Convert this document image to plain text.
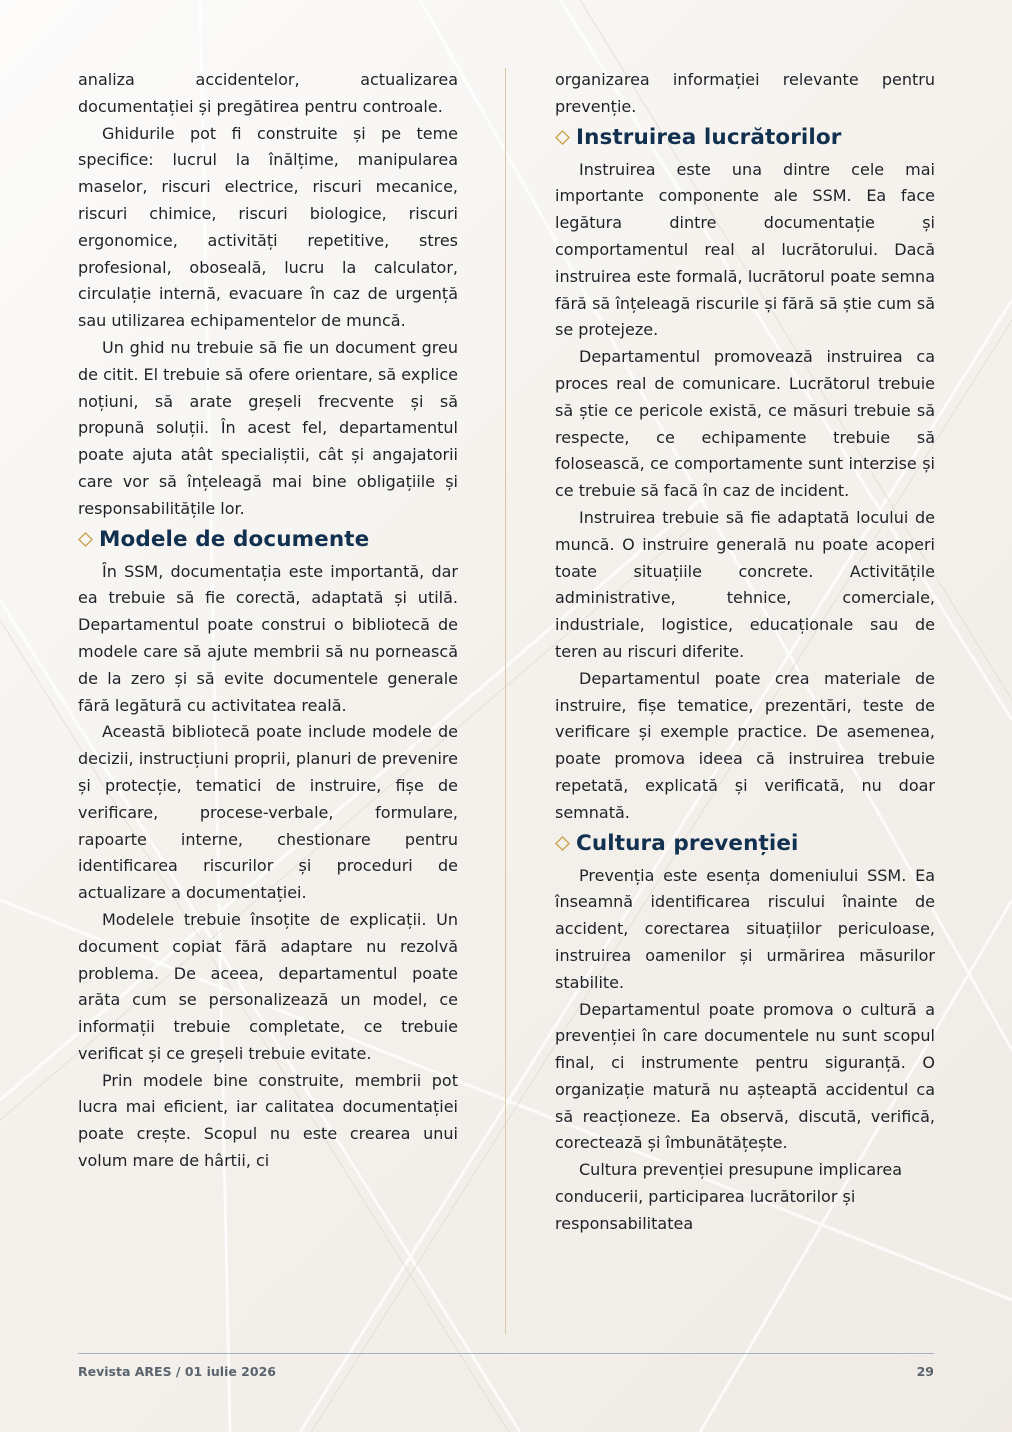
analiza accidentelor, actualizarea documentației și pregătirea pentru controale.

Ghidurile pot fi construite și pe teme specifice: lucrul la înălțime, manipularea maselor, riscuri electrice, riscuri mecanice, riscuri chimice, riscuri biologice, riscuri ergonomice, activități repetitive, stres profesional, oboseală, lucru la calculator, circulație internă, evacuare în caz de urgență sau utilizarea echipamentelor de muncă.

Un ghid nu trebuie să fie un document greu de citit. El trebuie să ofere orientare, să explice noțiuni, să arate greșeli frecvente și să propună soluții. În acest fel, departamentul poate ajuta atât specialiștii, cât și angajatorii care vor să înțeleagă mai bine obligațiile și responsabilitățile lor.

Modele de documente

În SSM, documentația este importantă, dar ea trebuie să fie corectă, adaptată și utilă. Departamentul poate construi o bibliotecă de modele care să ajute membrii să nu pornească de la zero și să evite documentele generale fără legătură cu activitatea reală.

Această bibliotecă poate include modele de decizii, instrucțiuni proprii, planuri de prevenire și protecție, tematici de instruire, fișe de verificare, procese-verbale, formulare, rapoarte interne, chestionare pentru identificarea riscurilor și proceduri de actualizare a documentației.

Modelele trebuie însoțite de explicații. Un document copiat fără adaptare nu rezolvă problema. De aceea, departamentul poate arăta cum se personalizează un model, ce informații trebuie completate, ce trebuie verificat și ce greșeli trebuie evitate.

Prin modele bine construite, membrii pot lucra mai eficient, iar calitatea documentației poate crește. Scopul nu este crearea unui volum mare de hârtii, ci

organizarea informației relevante pentru prevenție.

Instruirea lucrătorilor

Instruirea este una dintre cele mai importante componente ale SSM. Ea face legătura dintre documentație și comportamentul real al lucrătorului. Dacă instruirea este formală, lucrătorul poate semna fără să înțeleagă riscurile și fără să știe cum să se protejeze.

Departamentul promovează instruirea ca proces real de comunicare. Lucrătorul trebuie să știe ce pericole există, ce măsuri trebuie să respecte, ce echipamente trebuie să folosească, ce comportamente sunt interzise și ce trebuie să facă în caz de incident.

Instruirea trebuie să fie adaptată locului de muncă. O instruire generală nu poate acoperi toate situațiile concrete. Activitățile administrative, tehnice, comerciale, industriale, logistice, educaționale sau de teren au riscuri diferite.

Departamentul poate crea materiale de instruire, fișe tematice, prezentări, teste de verificare și exemple practice. De asemenea, poate promova ideea că instruirea trebuie repetată, explicată și verificată, nu doar semnată.

Cultura prevenției

Prevenția este esența domeniului SSM. Ea înseamnă identificarea riscului înainte de accident, corectarea situațiilor periculoase, instruirea oamenilor și urmărirea măsurilor stabilite.

Departamentul poate promova o cultură a prevenției în care documentele nu sunt scopul final, ci instrumente pentru siguranță. O organizație matură nu așteaptă accidentul ca să reacționeze. Ea observă, discută, verifică, corectează și îmbunătățește.

Cultura prevenției presupune implicarea conducerii, participarea lucrătorilor și responsabilitatea

Revista ARES / 01 iulie 2026	29
